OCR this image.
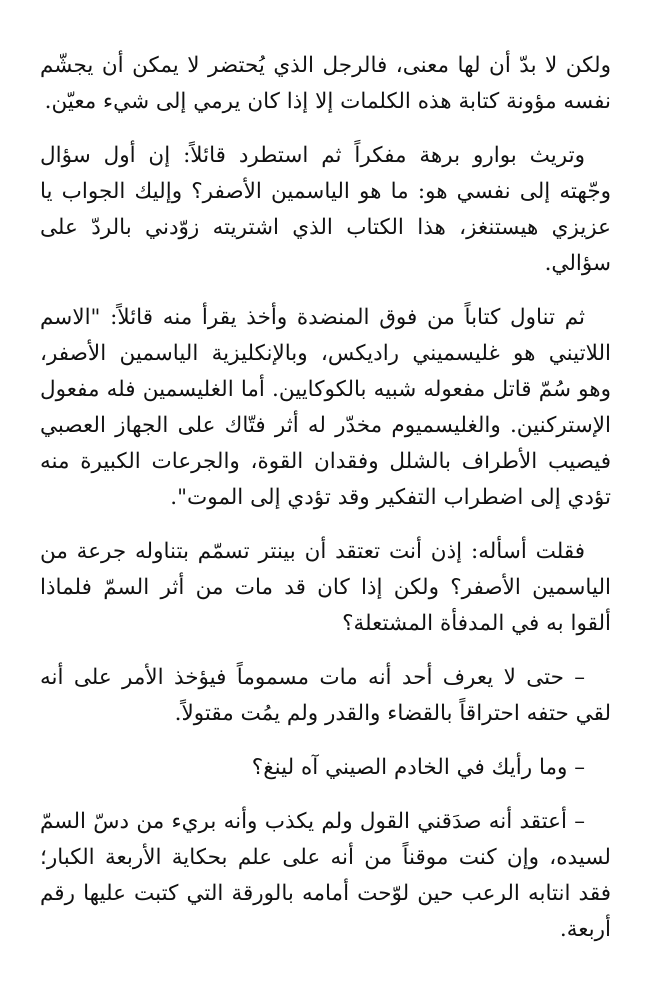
ولكن لا بدّ أن لها معنى، فالرجل الذي يُحتضر لا يمكن أن يجشّم نفسه مؤونة كتابة هذه الكلمات إلا إذا كان يرمي إلى شيء معيّن.

وتريث بوارو برهة مفكراً ثم استطرد قائلاً: إن أول سؤال وجّهته إلى نفسي هو: ما هو الياسمين الأصفر؟ وإليك الجواب يا عزيزي هيستنغز، هذا الكتاب الذي اشتريته زوّدني بالردّ على سؤالي.

ثم تناول كتاباً من فوق المنضدة وأخذ يقرأ منه قائلاً: "الاسم اللاتيني هو غليسميني راديكس، وبالإنكليزية الياسمين الأصفر، وهو سُمّ قاتل مفعوله شبيه بالكوكايين. أما الغليسمين فله مفعول الإستركنين. والغليسميوم مخدّر له أثر فتّاك على الجهاز العصبي فيصيب الأطراف بالشلل وفقدان القوة، والجرعات الكبيرة منه تؤدي إلى اضطراب التفكير وقد تؤدي إلى الموت".

فقلت أسأله: إذن أنت تعتقد أن بينتر تسمّم بتناوله جرعة من الياسمين الأصفر؟ ولكن إذا كان قد مات من أثر السمّ فلماذا ألقوا به في المدفأة المشتعلة؟

– حتى لا يعرف أحد أنه مات مسموماً فيؤخذ الأمر على أنه لقي حتفه احتراقاً بالقضاء والقدر ولم يمُت مقتولاً.

– وما رأيك في الخادم الصيني آه لينغ؟

– أعتقد أنه صدَقني القول ولم يكذب وأنه بريء من دسّ السمّ لسيده، وإن كنت موقناً من أنه على علم بحكاية الأربعة الكبار؛ فقد انتابه الرعب حين لوّحت أمامه بالورقة التي كتبت عليها رقم أربعة.
